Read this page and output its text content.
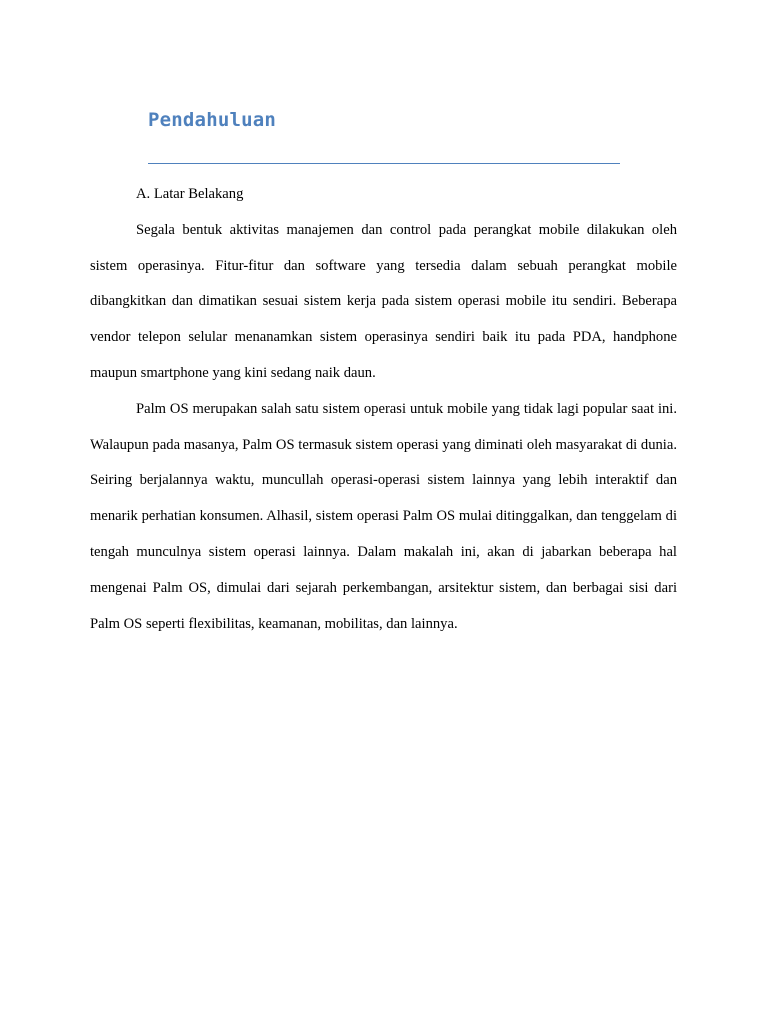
Pendahuluan

A. Latar Belakang

Segala bentuk aktivitas manajemen dan control pada perangkat mobile dilakukan oleh sistem operasinya. Fitur-fitur dan software yang tersedia dalam sebuah perangkat mobile dibangkitkan dan dimatikan sesuai sistem kerja pada sistem operasi mobile itu sendiri. Beberapa vendor telepon selular menanamkan sistem operasinya sendiri baik itu pada PDA, handphone maupun smartphone yang kini sedang naik daun.

Palm OS merupakan salah satu sistem operasi untuk mobile yang tidak lagi popular saat ini. Walaupun pada masanya, Palm OS termasuk sistem operasi yang diminati oleh masyarakat di dunia. Seiring berjalannya waktu, muncullah operasi-operasi sistem lainnya yang lebih interaktif dan menarik perhatian konsumen. Alhasil, sistem operasi Palm OS mulai ditinggalkan, dan tenggelam di tengah munculnya sistem operasi lainnya. Dalam makalah ini, akan di jabarkan beberapa hal mengenai Palm OS, dimulai dari sejarah perkembangan, arsitektur sistem, dan berbagai sisi dari Palm OS seperti flexibilitas, keamanan, mobilitas, dan lainnya.
